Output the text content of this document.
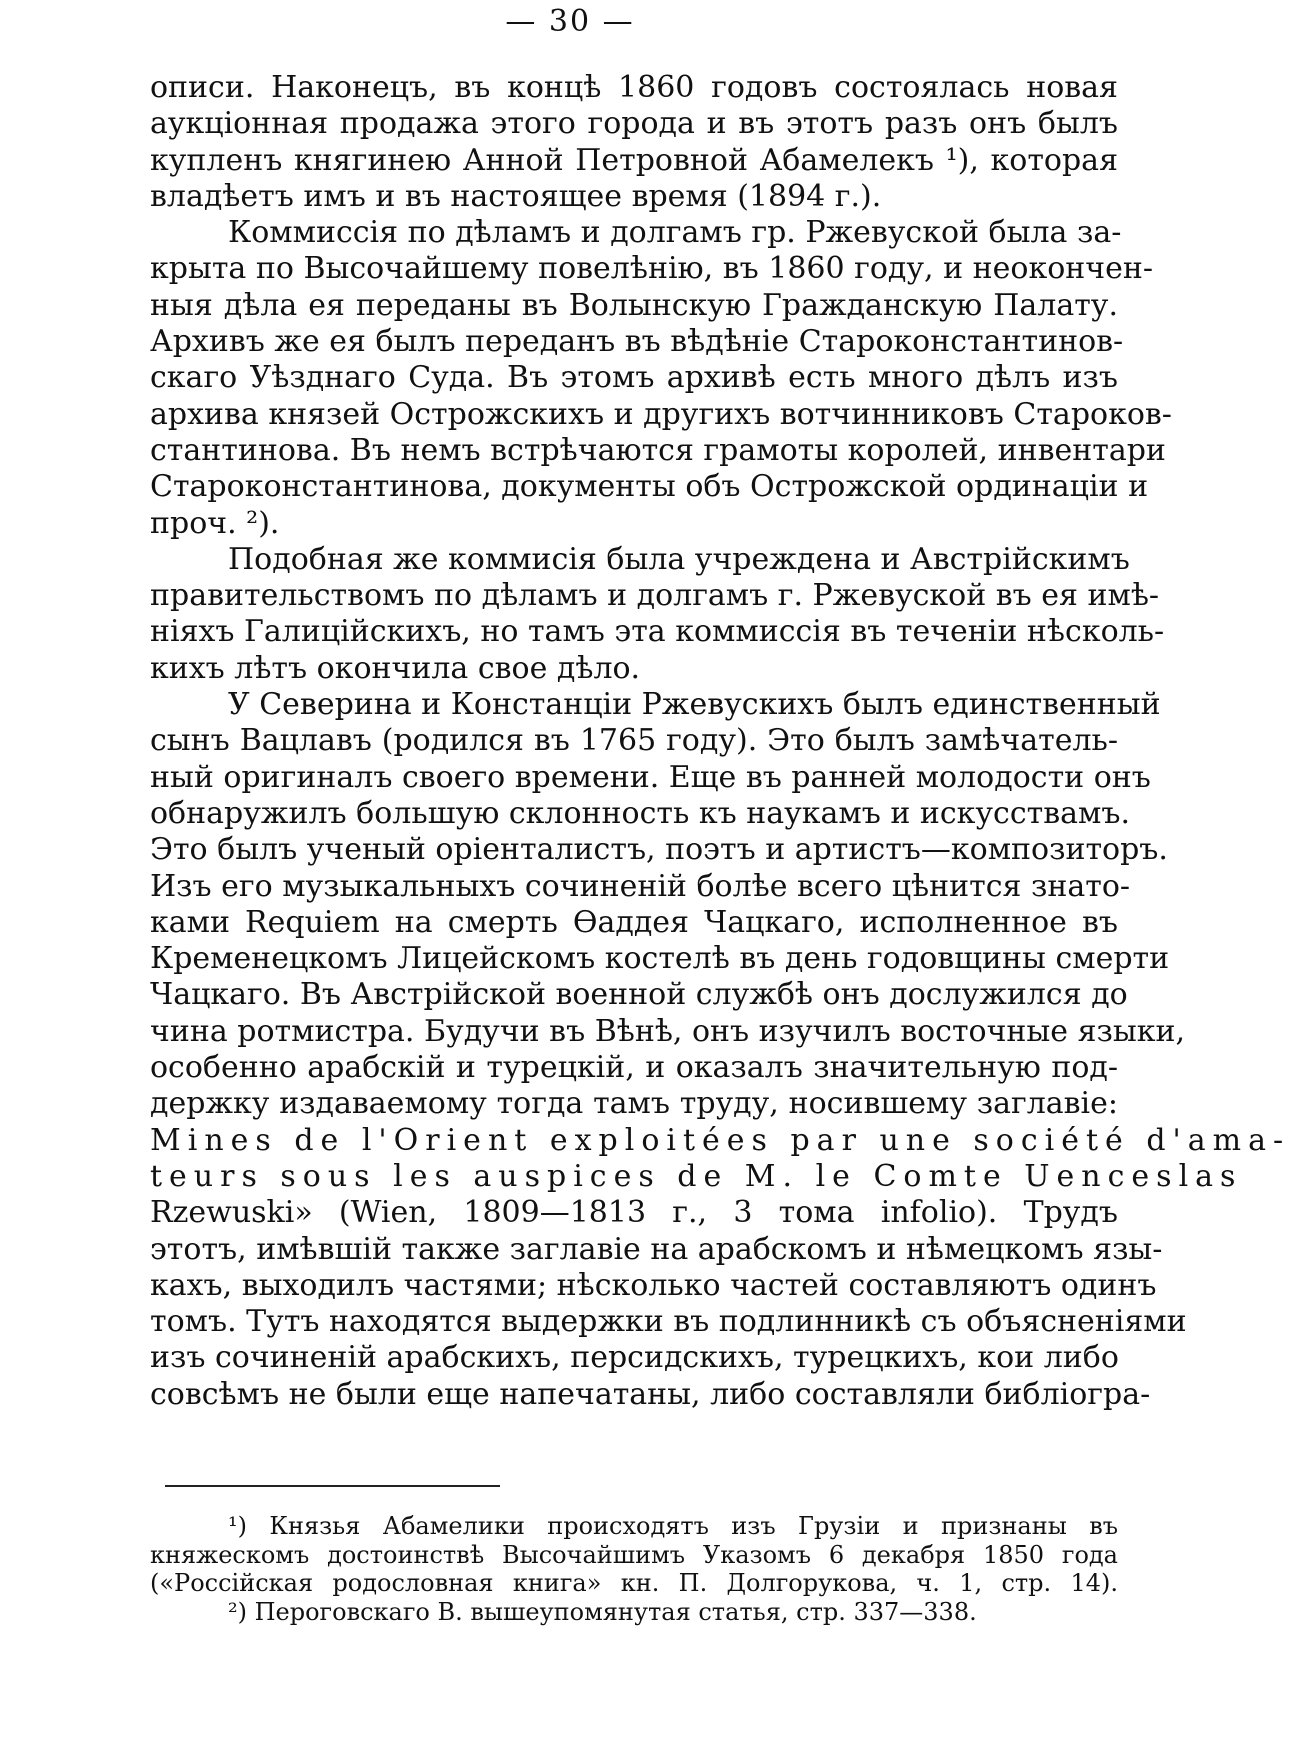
— 30 —
описи. Наконецъ, въ концѣ 1860 годовъ состоялась новая
аукціонная продажа этого города и въ этотъ разъ онъ былъ
купленъ княгинею Анной Петровной Абамелекъ ¹), которая
владѣетъ имъ и въ настоящее время (1894 г.).
Коммиссія по дѣламъ и долгамъ гр. Ржевуской была за-
крыта по Высочайшему повелѣнію, въ 1860 году, и неокончен-
ныя дѣла ея переданы въ Волынскую Гражданскую Палату.
Архивъ же ея былъ переданъ въ вѣдѣніе Староконстантинов-
скаго Уѣзднаго Суда. Въ этомъ архивѣ есть много дѣлъ изъ
архива князей Острожскихъ и другихъ вотчинниковъ Староков-
стантинова. Въ немъ встрѣчаются грамоты королей, инвентари
Староконстантинова, документы объ Острожской ординаціи и
проч. ²).
Подобная же коммисія была учреждена и Австрійскимъ
правительствомъ по дѣламъ и долгамъ г. Ржевуской въ ея имѣ-
ніяхъ Галиційскихъ, но тамъ эта коммиссія въ теченіи нѣсколь-
кихъ лѣтъ окончила свое дѣло.
У Северина и Констанціи Ржевускихъ былъ единственный
сынъ Вацлавъ (родился въ 1765 году). Это былъ замѣчатель-
ный оригиналъ своего времени. Еще въ ранней молодости онъ
обнаружилъ большую склонность къ наукамъ и искусствамъ.
Это былъ ученый оріенталистъ, поэтъ и артистъ—композиторъ.
Изъ его музыкальныхъ сочиненій болѣе всего цѣнится знато-
ками Requiem на смерть Ѳаддея Чацкаго, исполненное въ
Кременецкомъ Лицейскомъ костелѣ въ день годовщины смерти
Чацкаго. Въ Австрійской военной службѣ онъ дослужился до
чина ротмистра. Будучи въ Вѣнѣ, онъ изучилъ восточные языки,
особенно арабскій и турецкій, и оказалъ значительную под-
держку издаваемому тогда тамъ труду, носившему заглавіе:
Mines de l'Orient exploitées par une société d'ama-
teurs sous les auspices de M. le Comte Uenceslas
Rzewuski» (Wien, 1809—1813 г., 3 тома infolio). Трудъ
этотъ, имѣвшій также заглавіе на арабскомъ и нѣмецкомъ язы-
кахъ, выходилъ частями; нѣсколько частей составляютъ одинъ
томъ. Тутъ находятся выдержки въ подлинникѣ съ объясненіями
изъ сочиненій арабскихъ, персидскихъ, турецкихъ, кои либо
совсѣмъ не были еще напечатаны, либо составляли библіогра-
¹) Князья Абамелики происходятъ изъ Грузіи и признаны въ
княжескомъ достоинствѣ Высочайшимъ Указомъ 6 декабря 1850 года
(«Россійская родословная книга» кн. П. Долгорукова, ч. 1, стр. 14).
²) Пероговскаго В. вышеупомянутая статья, стр. 337—338.
